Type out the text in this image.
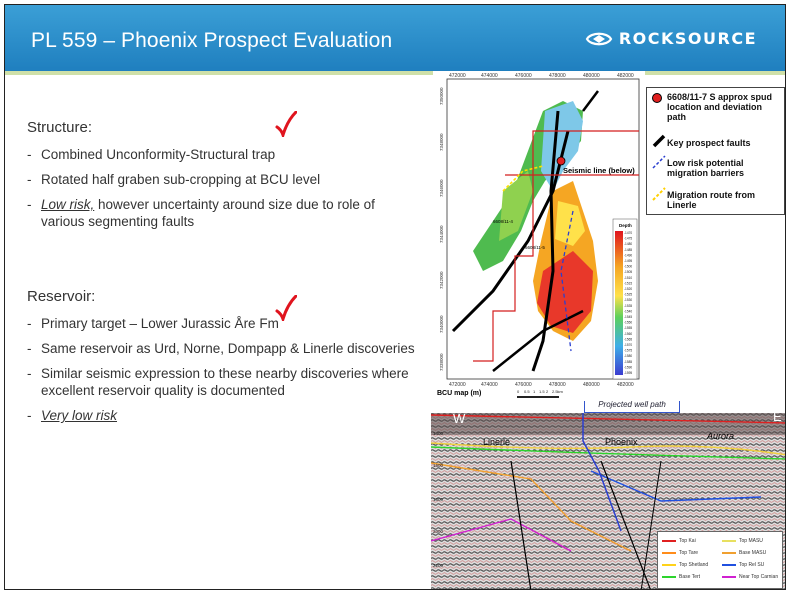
PL 559 – Phoenix Prospect Evaluation	ROCKSOURCE
Structure:
- Combined Unconformity-Structural trap
- Rotated half graben sub-cropping at BCU level
- Low risk, however uncertainty around size due to role of various segmenting faults
Reservoir:
- Primary target – Lower Jurassic Åre Fm
- Same reservoir as Urd, Norne, Dompapp & Linerle discoveries
- Similar seismic expression to these nearby discoveries where excellent reservoir quality is documented
- Very low risk
472000	474000	476000	478000	480000	482000
472000	474000	476000	478000	480000	482000
7350000
7348000
7346000
7344000
7342000
7340000
7338000
Seismic line (below)
6608/11-4
6608/11-5
Depth
-1470
-1475
-1480
-1485
-1490
-1495
-1500
-1505
-1510
-1515
-1520
-1525
-1530
-1535
-1540
-1545
-1550
-1555
-1560
-1565
-1570
-1575
-1580
-1585
-1590
-1595
BCU map (m)	0 0.5 1 1.5 2 2.5km
6608/11-7 S approx spud location and deviation path
Key prospect faults
Low risk potential migration barriers
Migration route from Linerle
W	E
Linerle	Phoenix
Aurora
1400
1600
1800
2000
2200
Projected well path
Top Kai
Top Tare
Top Shetland
Base Tert
Top MASU
Base MASU
Top Rel SU
Near Top Carnian
